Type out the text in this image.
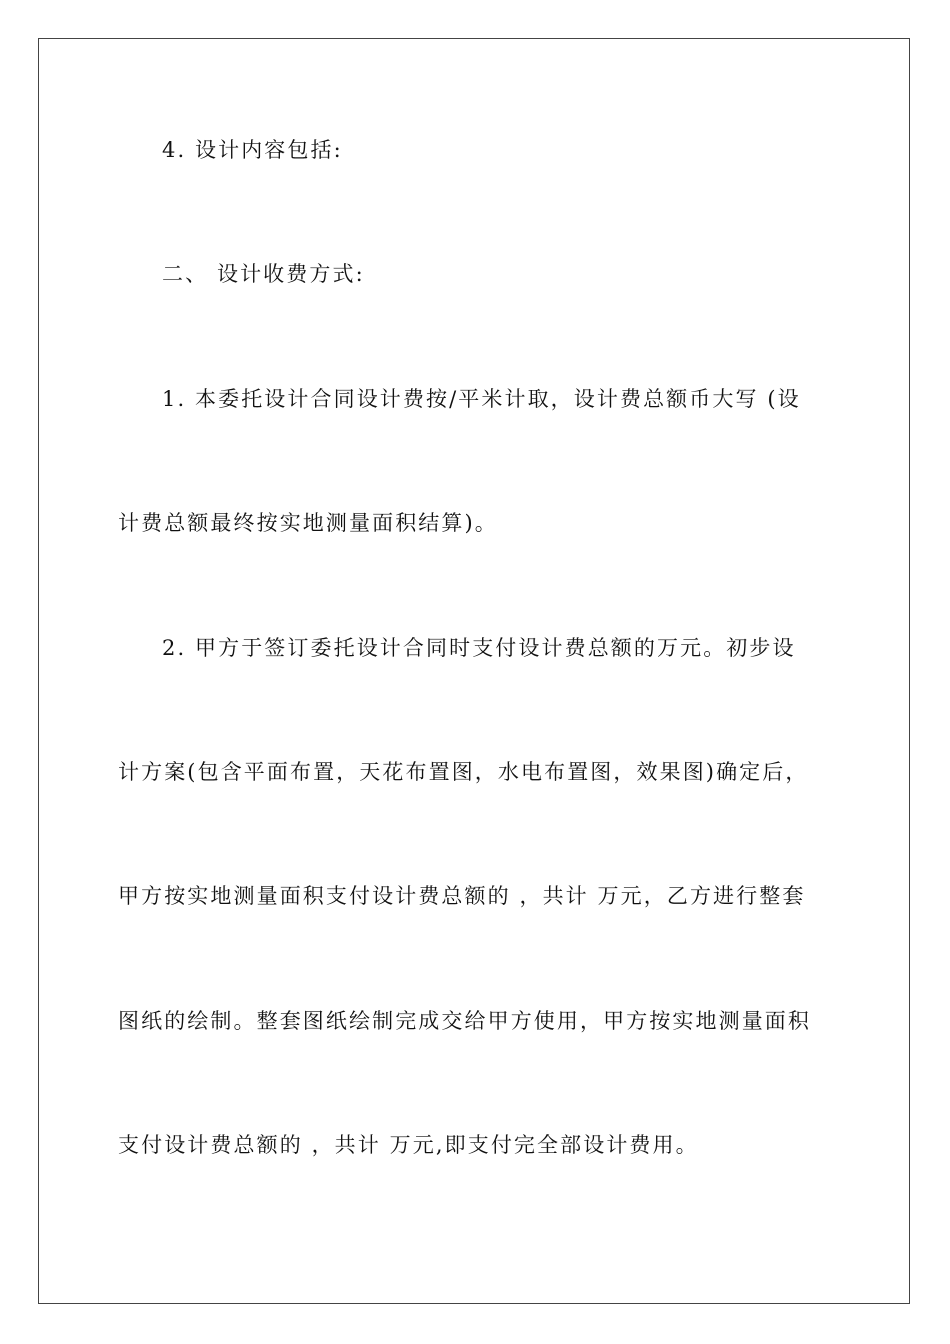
4. 设计内容包括:
二、 设计收费方式:
1. 本委托设计合同设计费按/平米计取，设计费总额币大写 (设
计费总额最终按实地测量面积结算)。
2. 甲方于签订委托设计合同时支付设计费总额的万元。初步设
计方案(包含平面布置，天花布置图，水电布置图，效果图)确定后，
甲方按实地测量面积支付设计费总额的 ，共计 万元，乙方进行整套
图纸的绘制。整套图纸绘制完成交给甲方使用，甲方按实地测量面积
支付设计费总额的 ，共计 万元,即支付完全部设计费用。
